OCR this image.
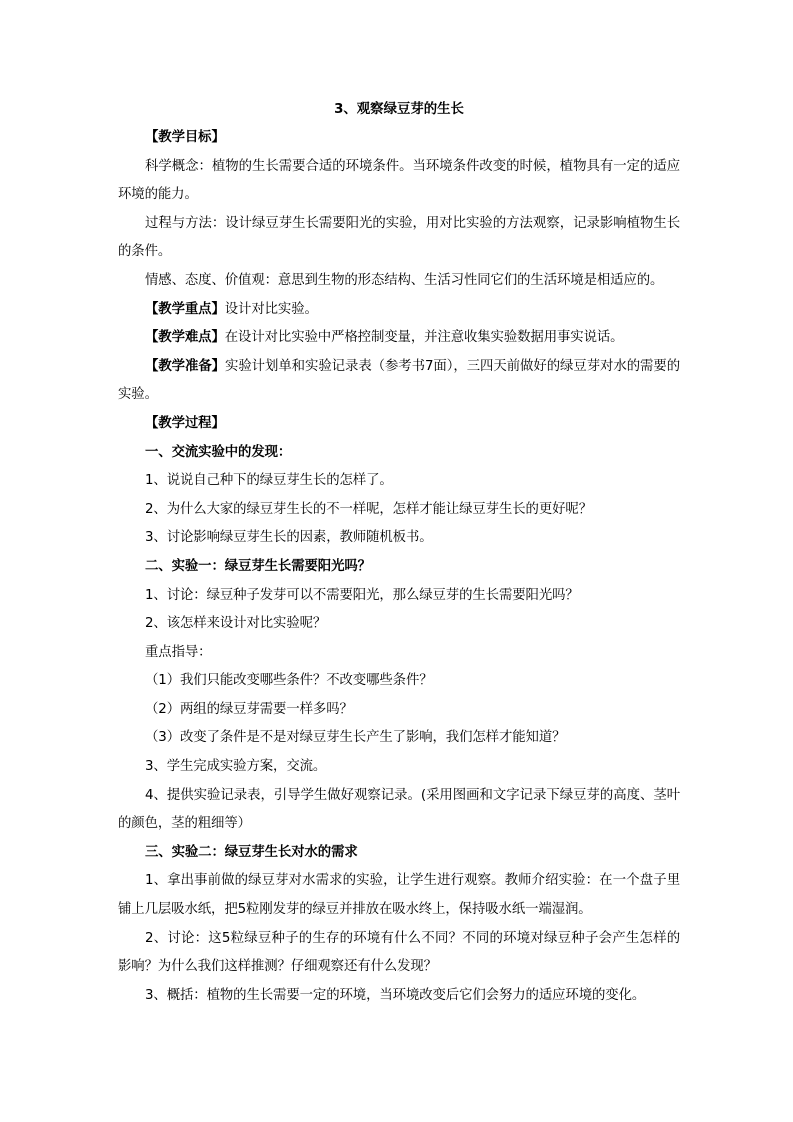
3、观察绿豆芽的生长

【教学目标】

科学概念：植物的生长需要合适的环境条件。当环境条件改变的时候，植物具有一定的适应环境的能力。

过程与方法：设计绿豆芽生长需要阳光的实验，用对比实验的方法观察，记录影响植物生长的条件。

情感、态度、价值观：意思到生物的形态结构、生活习性同它们的生活环境是相适应的。

【教学重点】设计对比实验。

【教学难点】在设计对比实验中严格控制变量，并注意收集实验数据用事实说话。

【教学准备】实验计划单和实验记录表（参考书7面），三四天前做好的绿豆芽对水的需要的实验。

【教学过程】

一、交流实验中的发现：

1、说说自己种下的绿豆芽生长的怎样了。

2、为什么大家的绿豆芽生长的不一样呢，怎样才能让绿豆芽生长的更好呢？

3、讨论影响绿豆芽生长的因素，教师随机板书。

二、实验一：绿豆芽生长需要阳光吗？

1、讨论：绿豆种子发芽可以不需要阳光，那么绿豆芽的生长需要阳光吗？

2、该怎样来设计对比实验呢？

重点指导：

（1）我们只能改变哪些条件？不改变哪些条件？

（2）两组的绿豆芽需要一样多吗？

（3）改变了条件是不是对绿豆芽生长产生了影响，我们怎样才能知道？

3、学生完成实验方案，交流。

4、提供实验记录表，引导学生做好观察记录。(采用图画和文字记录下绿豆芽的高度、茎叶的颜色，茎的粗细等）

三、实验二：绿豆芽生长对水的需求

1、拿出事前做的绿豆芽对水需求的实验，让学生进行观察。教师介绍实验：在一个盘子里铺上几层吸水纸，把5粒刚发芽的绿豆并排放在吸水终上，保持吸水纸一端湿润。

2、讨论：这5粒绿豆种子的生存的环境有什么不同？不同的环境对绿豆种子会产生怎样的影响？为什么我们这样推测？仔细观察还有什么发现？

3、概括：植物的生长需要一定的环境，当环境改变后它们会努力的适应环境的变化。
